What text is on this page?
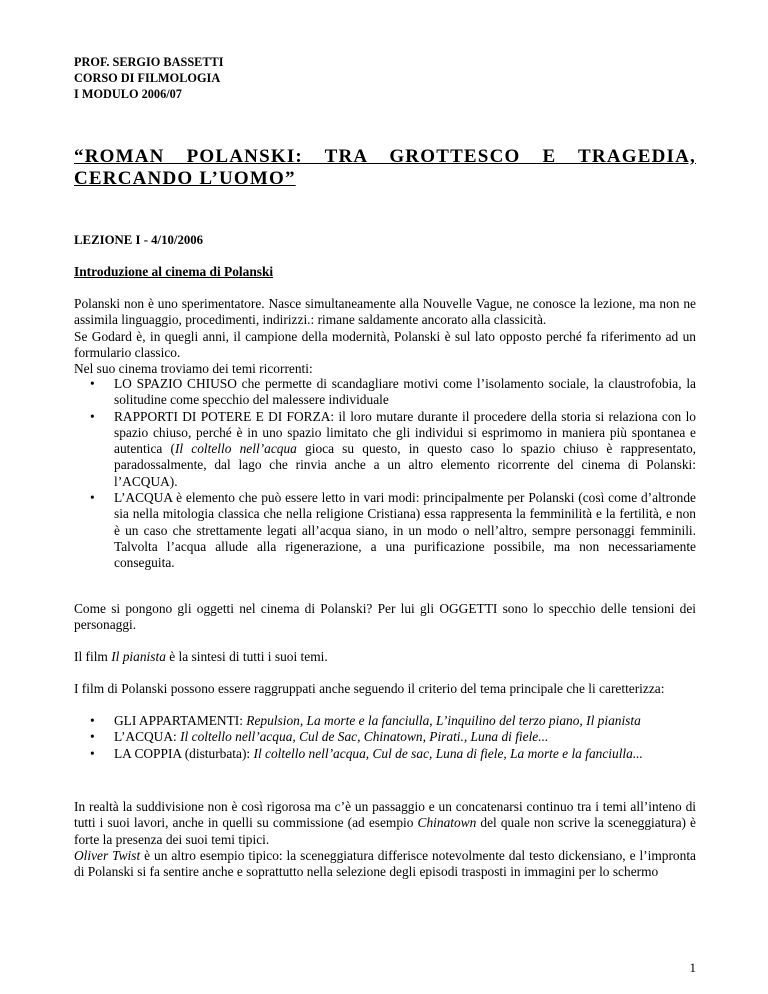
PROF. SERGIO BASSETTI
CORSO DI FILMOLOGIA
I MODULO 2006/07
“ROMAN POLANSKI: TRA GROTTESCO E TRAGEDIA,
CERCANDO L’UOMO”
LEZIONE I - 4/10/2006
Introduzione al cinema di Polanski
Polanski non è uno sperimentatore. Nasce simultaneamente alla Nouvelle Vague, ne conosce la lezione, ma non ne assimila linguaggio, procedimenti, indirizzi.: rimane saldamente ancorato alla classicità.
Se Godard è, in quegli anni, il campione della modernità, Polanski è sul lato opposto perché fa riferimento ad un formulario classico.
Nel suo cinema troviamo dei temi ricorrenti:
• LO SPAZIO CHIUSO che permette di scandagliare motivi come l’isolamento sociale, la claustrofobia, la solitudine come specchio del malessere individuale
• RAPPORTI DI POTERE E DI FORZA: il loro mutare durante il procedere della storia si relaziona con lo spazio chiuso, perché è in uno spazio limitato che gli individui si esprimomo in maniera più spontanea e autentica (Il coltello nell’acqua gioca su questo, in questo caso lo spazio chiuso è rappresentato, paradossalmente, dal lago che rinvia anche a un altro elemento ricorrente del cinema di Polanski: l’ACQUA).
• L’ACQUA è elemento che può essere letto in vari modi: principalmente per Polanski (così come d’altronde sia nella mitologia classica che nella religione Cristiana) essa rappresenta la femminilità e la fertilità, e non è un caso che strettamente legati all’acqua siano, in un modo o nell’altro, sempre personaggi femminili. Talvolta l’acqua allude alla rigenerazione, a una purificazione possibile, ma non necessariamente conseguita.
Come si pongono gli oggetti nel cinema di Polanski? Per lui gli OGGETTI sono lo specchio delle tensioni dei personaggi.
Il film Il pianista è la sintesi di tutti i suoi temi.
I film di Polanski possono essere raggruppati anche seguendo il criterio del tema principale che li caretterizza:
• GLI APPARTAMENTI: Repulsion, La morte e la fanciulla, L’inquilino del terzo piano, Il pianista
• L’ACQUA: Il coltello nell’acqua, Cul de Sac, Chinatown, Pirati., Luna di fiele...
• LA COPPIA (disturbata): Il coltello nell’acqua, Cul de sac, Luna di fiele, La morte e la fanciulla...
In realtà la suddivisione non è così rigorosa ma c’è un passaggio e un concatenarsi continuo tra i temi all’inteno di tutti i suoi lavori, anche in quelli su commissione (ad esempio Chinatown del quale non scrive la sceneggiatura) è forte la presenza dei suoi temi tipici.
Oliver Twist è un altro esempio tipico: la sceneggiatura differisce notevolmente dal testo dickensiano, e l’impronta di Polanski si fa sentire anche e soprattutto nella selezione degli episodi trasposti in immagini per lo schermo
1
